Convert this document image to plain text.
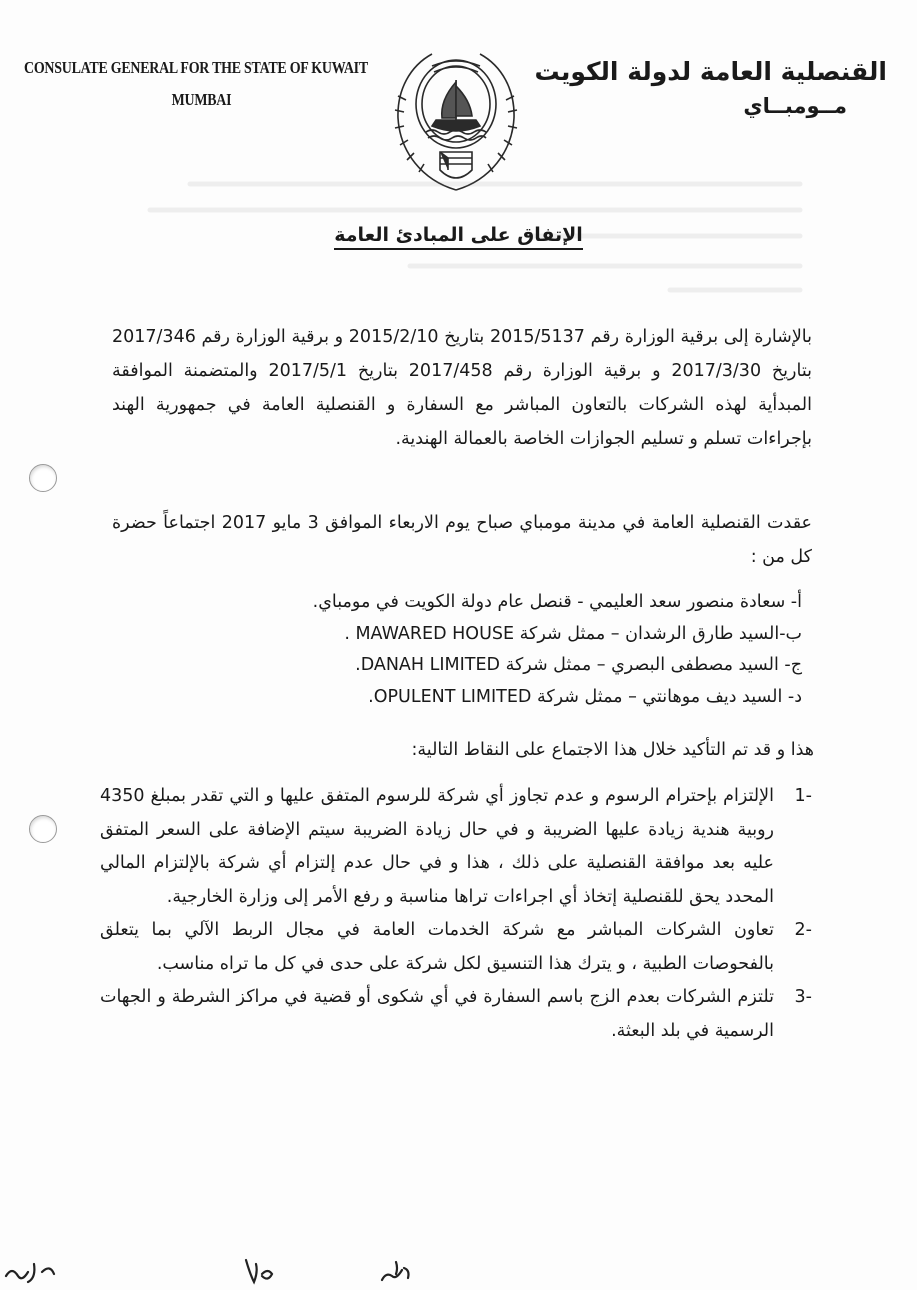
CONSULATE GENERAL FOR THE STATE OF KUWAIT
MUMBAI
القنصلية العامة لدولة الكويت
مــومبــاي
الإتفاق على المبادئ العامة

بالإشارة إلى برقية الوزارة رقم 2015/5137 بتاريخ 2015/2/10 و برقية الوزارة رقم 2017/346 بتاريخ 2017/3/30 و برقية الوزارة رقم 2017/458 بتاريخ 2017/5/1 والمتضمنة الموافقة المبدأية لهذه الشركات بالتعاون المباشر مع السفارة و القنصلية العامة في جمهورية الهند بإجراءات تسلم و تسليم الجوازات الخاصة بالعمالة الهندية.

عقدت القنصلية العامة في مدينة مومباي صباح يوم الاربعاء الموافق 3 مايو 2017 اجتماعاً حضرة كل من :

أ- سعادة منصور سعد العليمي - قنصل عام دولة الكويت في مومباي.
ب-السيد طارق الرشدان – ممثل شركة MAWARED HOUSE .
ج- السيد مصطفى البصري – ممثل شركة DANAH LIMITED.
د- السيد ديف موهانتي – ممثل شركة OPULENT LIMITED.

هذا و قد تم التأكيد خلال هذا الاجتماع على النقاط التالية:

1-
الإلتزام بإحترام الرسوم و عدم تجاوز أي شركة للرسوم المتفق عليها و التي تقدر بمبلغ 4350 روبية هندية زيادة عليها الضريبة و في حال زيادة الضريبة سيتم الإضافة على السعر المتفق عليه بعد موافقة القنصلية على ذلك ، هذا و في حال عدم إلتزام أي شركة بالإلتزام المالي المحدد يحق للقنصلية إتخاذ أي اجراءات تراها مناسبة و رفع الأمر إلى وزارة الخارجية.
2-
تعاون الشركات المباشر مع شركة الخدمات العامة في مجال الربط الآلي بما يتعلق بالفحوصات الطبية ، و يترك هذا التنسيق لكل شركة على حدى في كل ما تراه مناسب.
3-
تلتزم الشركات بعدم الزج باسم السفارة في أي شكوى أو قضية في مراكز الشرطة و الجهات الرسمية في بلد البعثة.
